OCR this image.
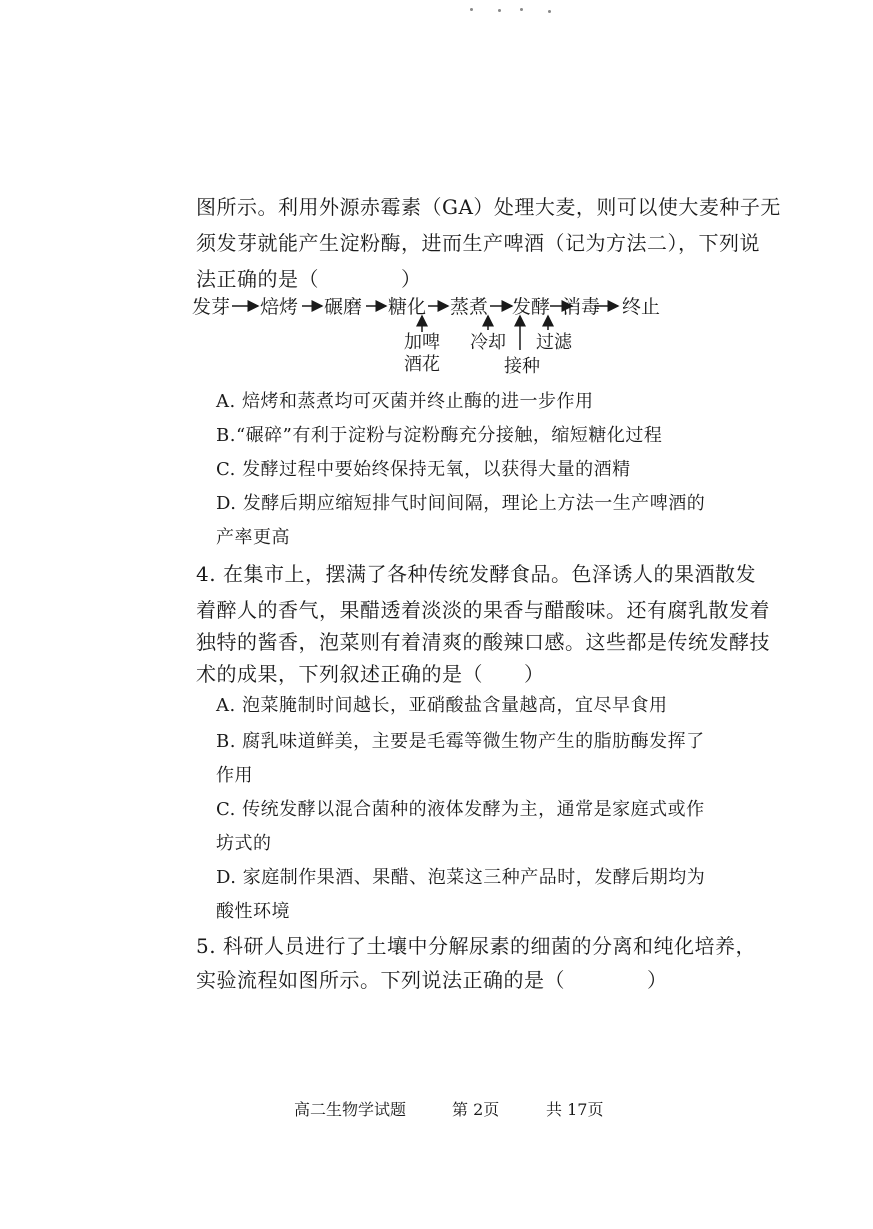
图所示。利用外源赤霉素（GA）处理大麦，则可以使大麦种子无
须发芽就能产生淀粉酶，进而生产啤酒（记为方法二），下列说
法正确的是（　　　　）
发芽 焙烤 碾磨 糖化 蒸煮 发酵 消毒 终止
加啤
酒花
冷却
接种
过滤
A. 焙烤和蒸煮均可灭菌并终止酶的进一步作用
B.“碾碎”有利于淀粉与淀粉酶充分接触，缩短糖化过程
C. 发酵过程中要始终保持无氧，以获得大量的酒精
D. 发酵后期应缩短排气时间间隔，理论上方法一生产啤酒的
产率更高
4. 在集市上，摆满了各种传统发酵食品。色泽诱人的果酒散发
着醉人的香气，果醋透着淡淡的果香与醋酸味。还有腐乳散发着
独特的酱香，泡菜则有着清爽的酸辣口感。这些都是传统发酵技
术的成果，下列叙述正确的是（　　）
A. 泡菜腌制时间越长，亚硝酸盐含量越高，宜尽早食用
B. 腐乳味道鲜美，主要是毛霉等微生物产生的脂肪酶发挥了
作用
C. 传统发酵以混合菌种的液体发酵为主，通常是家庭式或作
坊式的
D. 家庭制作果酒、果醋、泡菜这三种产品时，发酵后期均为
酸性环境
5. 科研人员进行了土壤中分解尿素的细菌的分离和纯化培养，
实验流程如图所示。下列说法正确的是（　　　　）
高二生物学试题	第 2页	共 17页
